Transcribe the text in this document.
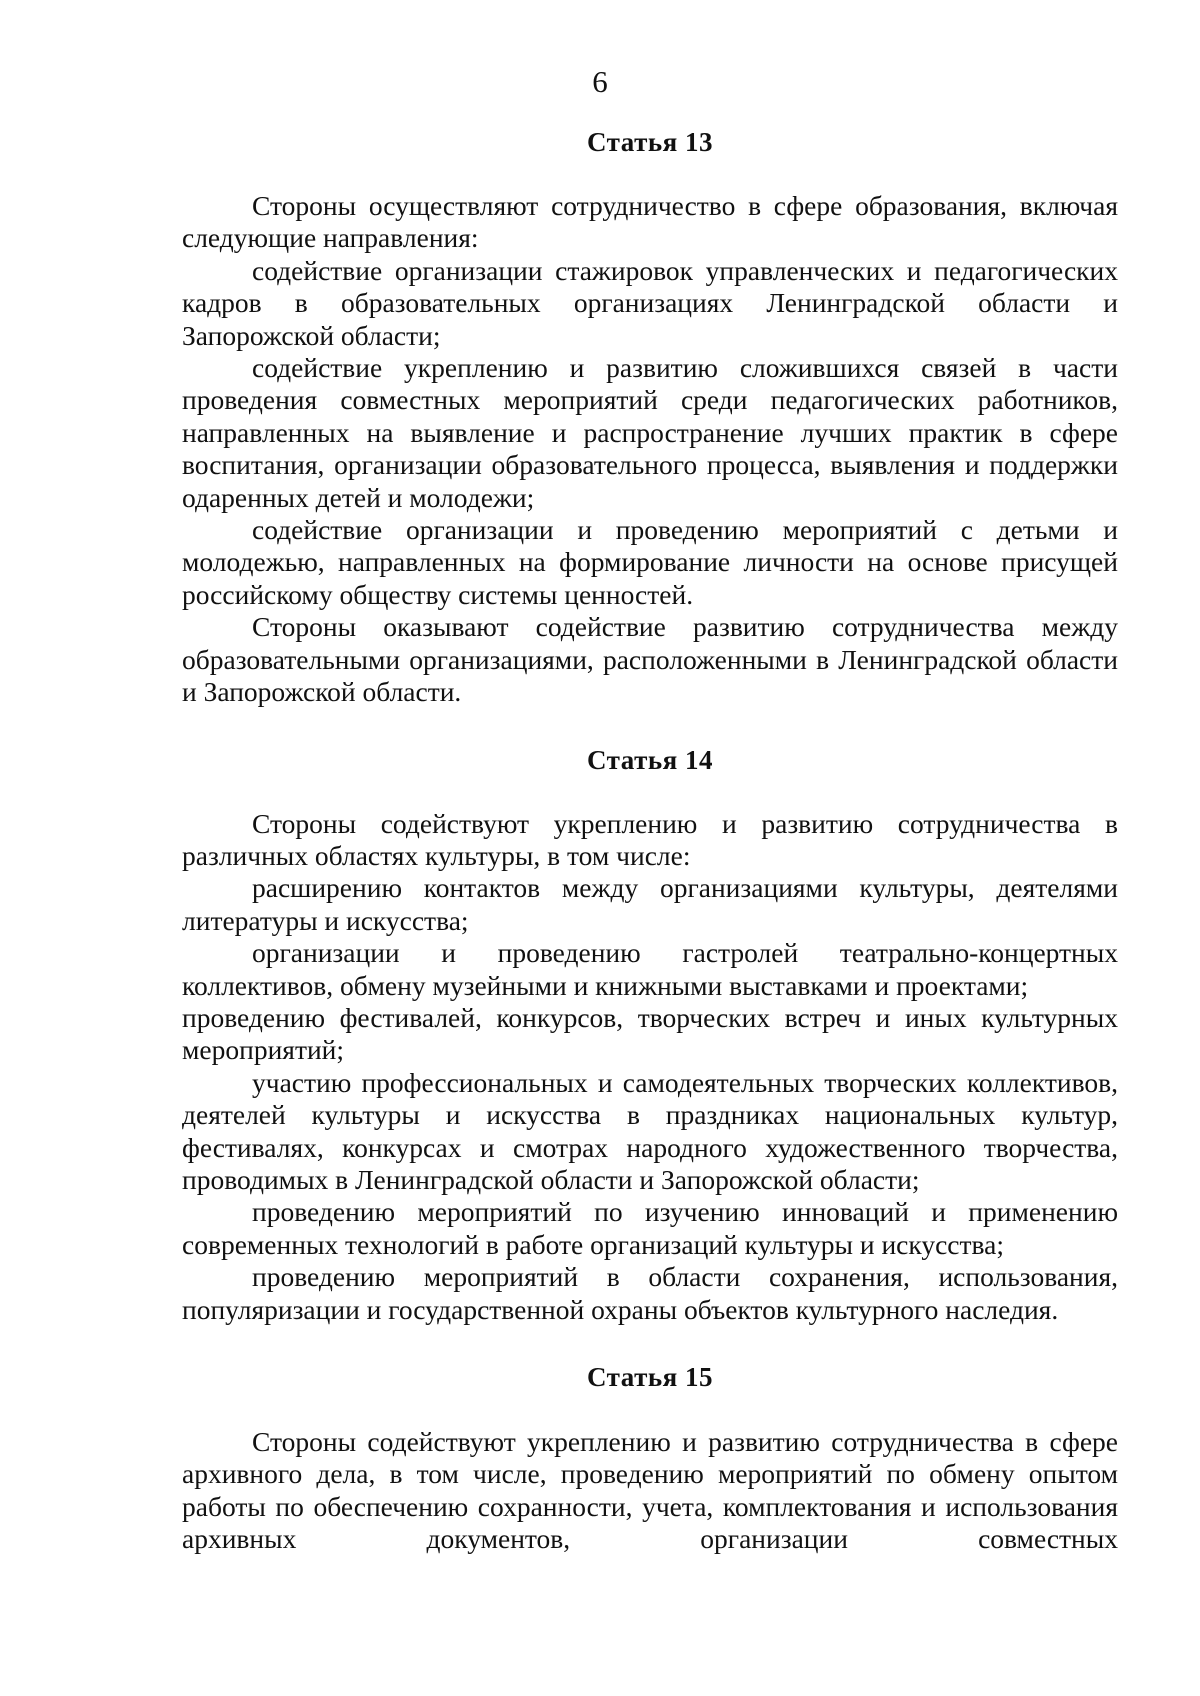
6
Статья 13

Стороны осуществляют сотрудничество в сфере образования, включая следующие направления:

содействие организации стажировок управленческих и педагогических кадров в образовательных организациях Ленинградской области и Запорожской области;

содействие укреплению и развитию сложившихся связей в части проведения совместных мероприятий среди педагогических работников, направленных на выявление и распространение лучших практик в сфере воспитания, организации образовательного процесса, выявления и поддержки одаренных детей и молодежи;

содействие организации и проведению мероприятий с детьми и молодежью, направленных на формирование личности на основе присущей российскому обществу системы ценностей.

Стороны оказывают содействие развитию сотрудничества между образовательными организациями, расположенными в Ленинградской области и Запорожской области.

Статья 14

Стороны содействуют укреплению и развитию сотрудничества в различных областях культуры, в том числе:

расширению контактов между организациями культуры, деятелями литературы и искусства;

организации и проведению гастролей театрально-концертных коллективов, обмену музейными и книжными выставками и проектами;

проведению фестивалей, конкурсов, творческих встреч и иных культурных мероприятий;

участию профессиональных и самодеятельных творческих коллективов, деятелей культуры и искусства в праздниках национальных культур, фестивалях, конкурсах и смотрах народного художественного творчества, проводимых в Ленинградской области и Запорожской области;

проведению мероприятий по изучению инноваций и применению современных технологий в работе организаций культуры и искусства;

проведению мероприятий в области сохранения, использования, популяризации и государственной охраны объектов культурного наследия.

Статья 15

Стороны содействуют укреплению и развитию сотрудничества в сфере архивного дела, в том числе, проведению мероприятий по обмену опытом работы по обеспечению сохранности, учета, комплектования и использования архивных документов, организации совместных
